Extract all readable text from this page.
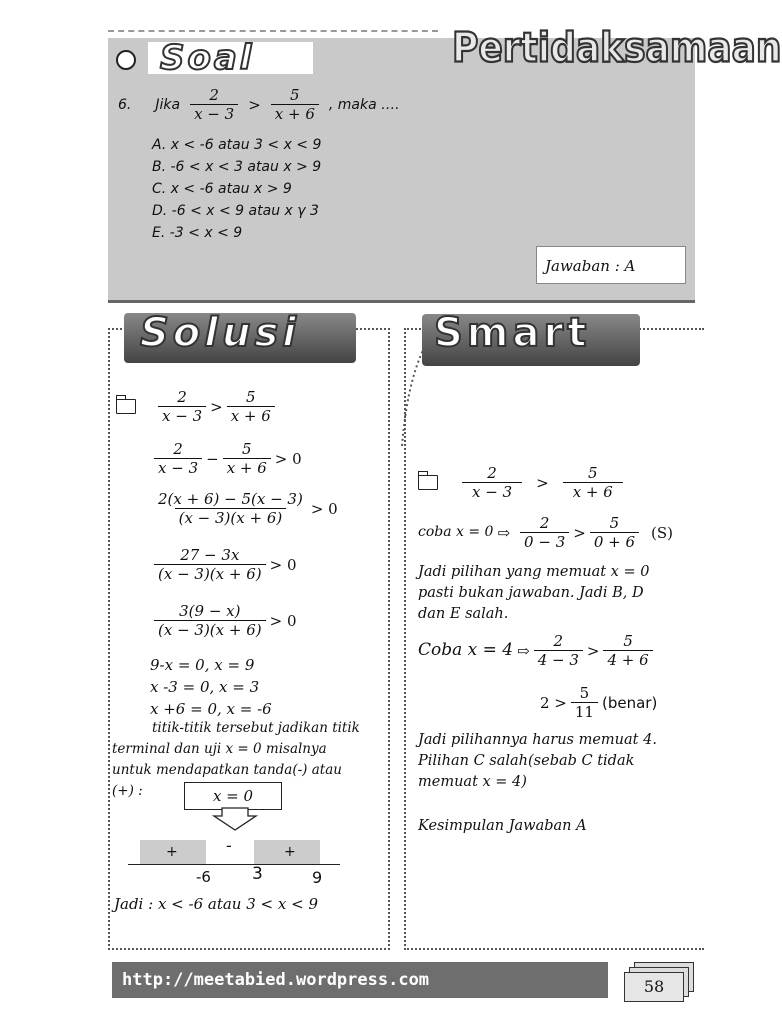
Soal	Pertidaksamaan
6. Jika $\frac{2}{x - 3} > \frac{5}{x + 6}$ , maka ….
A. x < -6 atau 3 < x < 9
B. -6 < x < 3 atau x > 9
C. x < -6 atau x > 9
D. -6 < x < 9 atau x γ 3
E. -3 < x < 9
Jawaban : A
Solusi
$\frac{2}{x - 3} > \frac{5}{x + 6}$
$\frac{2}{x - 3} - \frac{5}{x + 6} > 0$
$\frac{2(x + 6) - 5(x - 3)}{(x - 3)(x + 6)} > 0$
$\frac{27 - 3x}{(x - 3)(x + 6)} > 0$
$\frac{3(9 - x)}{(x - 3)(x + 6)} > 0$
9-x = 0, x = 9
x -3 = 0, x = 3
x +6 = 0, x = -6
titik-titik tersebut jadikan titik
terminal dan uji x = 0 misalnya
untuk mendapatkan tanda(-) atau
(+) :	x = 0
+	-	+
-6 3	9
Jadi : x < -6 atau 3 < x < 9
Smart
$\frac{2}{x - 3} > \frac{5}{x + 6}$
coba x = 0 ⇨ $\frac{2}{0 - 3} > \frac{5}{0 + 6} (S)$
Jadi pilihan yang memuat x = 0
pasti bukan jawaban. Jadi B, D
dan E salah.
Coba x = 4 ⇨ $\frac{2}{4 - 3} > \frac{5}{4 + 6}$
$2 > \frac{5}{11}$ (benar)
Jadi pilihannya harus memuat 4.
Pilihan C salah(sebab C tidak
memuat x = 4)
Kesimpulan Jawaban A
http://meetabied.wordpress.com	58
